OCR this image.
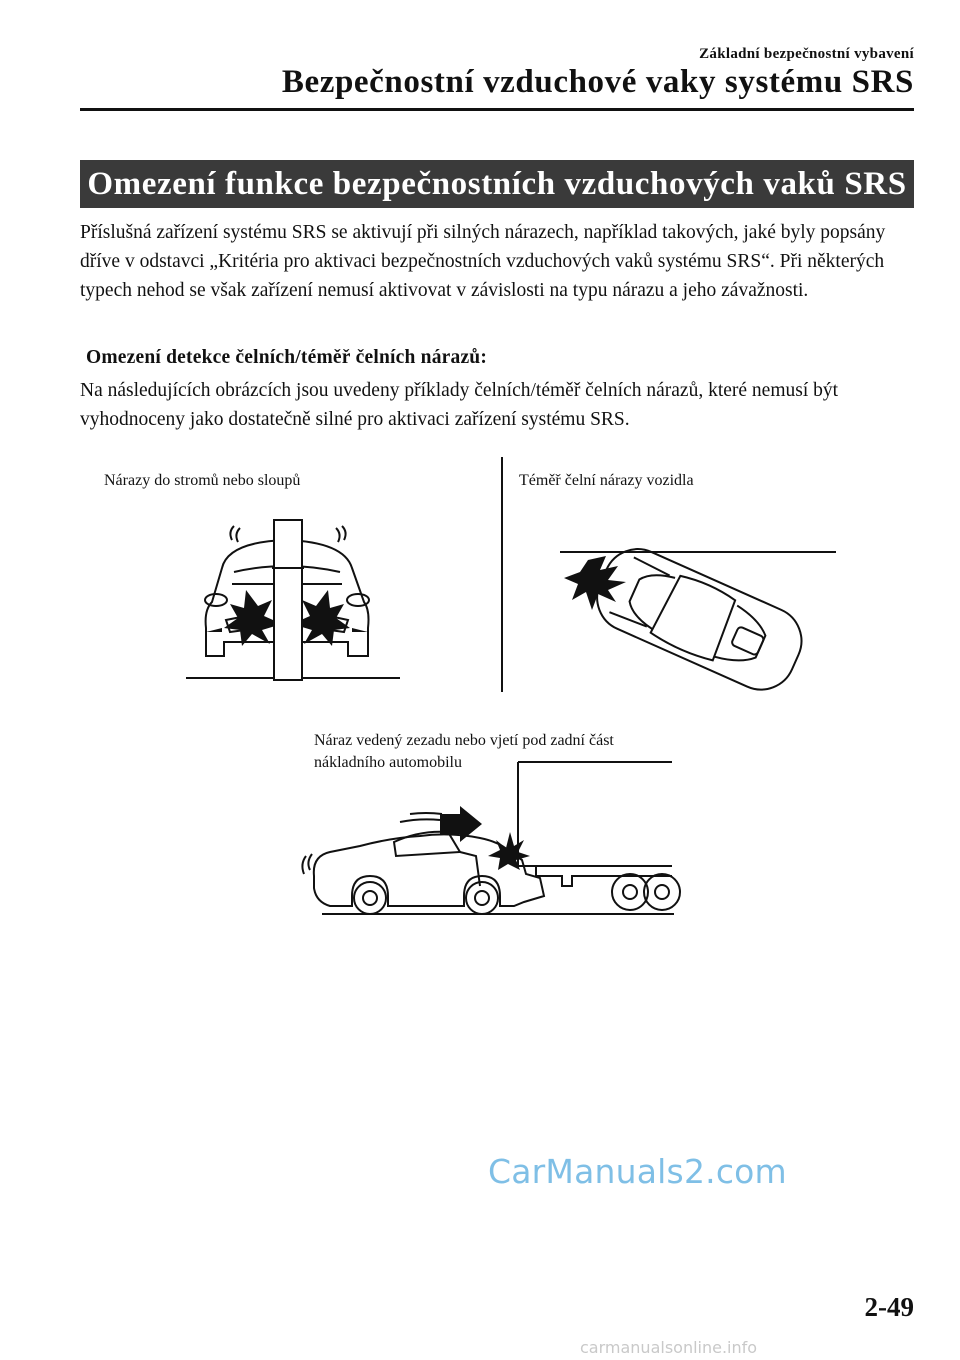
Základní bezpečnostní vybavení
Bezpečnostní vzduchové vaky systému SRS
Omezení funkce bezpečnostních vzduchových vaků SRS

Příslušná zařízení systému SRS se aktivují při silných nárazech, například takových, jaké byly popsány dříve v odstavci „Kritéria pro aktivaci bezpečnostních vzduchových vaků systému SRS“. Při některých typech nehod se však zařízení nemusí aktivovat v závislosti na typu nárazu a jeho závažnosti.

Omezení detekce čelních/téměř čelních nárazů:

Na následujících obrázcích jsou uvedeny příklady čelních/téměř čelních nárazů, které nemusí být vyhodnoceny jako dostatečně silné pro aktivaci zařízení systému SRS.

Nárazy do stromů nebo sloupů	Téměř čelní nárazy vozidla
Náraz vedený zezadu nebo vjetí pod zadní část
nákladního automobilu
CarManuals2.com
2-49
carmanualsonline.info
